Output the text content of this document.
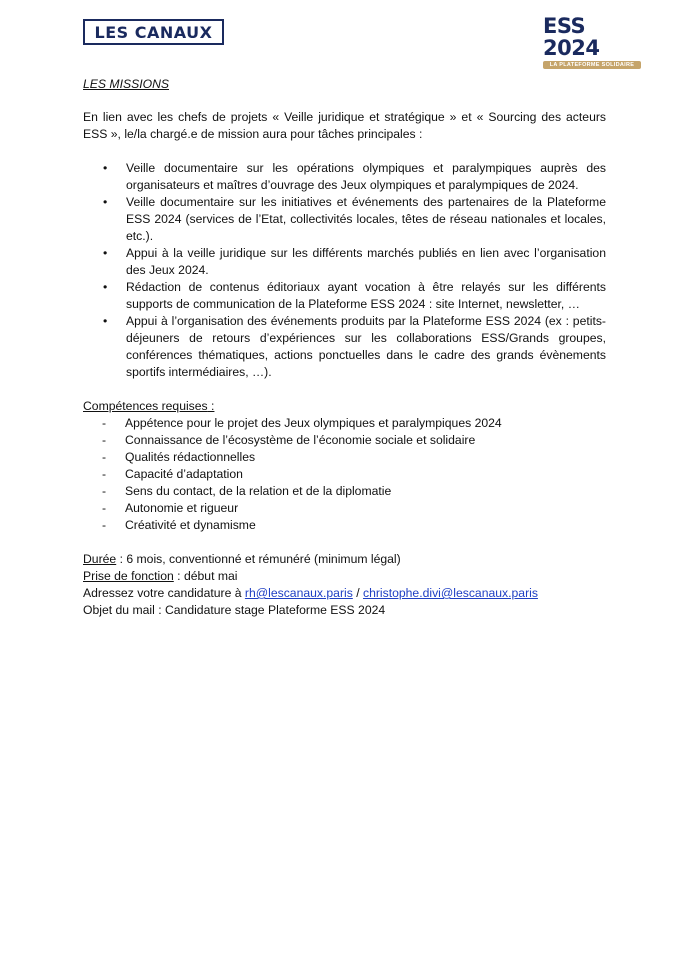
LES CANAUX	ESS 2024
LA PLATEFORME SOLIDAIRE

LES MISSIONS

En lien avec les chefs de projets « Veille juridique et stratégique » et « Sourcing des acteurs ESS », le/la chargé.e de mission aura pour tâches principales :

• Veille documentaire sur les opérations olympiques et paralympiques auprès des organisateurs et maîtres d’ouvrage des Jeux olympiques et paralympiques de 2024.
• Veille documentaire sur les initiatives et événements des partenaires de la Plateforme ESS 2024 (services de l’Etat, collectivités locales, têtes de réseau nationales et locales, etc.).
• Appui à la veille juridique sur les différents marchés publiés en lien avec l’organisation des Jeux 2024.
• Rédaction de contenus éditoriaux ayant vocation à être relayés sur les différents supports de communication de la Plateforme ESS 2024 : site Internet, newsletter, …
• Appui à l’organisation des événements produits par la Plateforme ESS 2024 (ex : petits-déjeuners de retours d’expériences sur les collaborations ESS/Grands groupes, conférences thématiques, actions ponctuelles dans le cadre des grands évènements sportifs intermédiaires, …).

Compétences requises :

- Appétence pour le projet des Jeux olympiques et paralympiques 2024
- Connaissance de l’écosystème de l’économie sociale et solidaire
- Qualités rédactionnelles
- Capacité d’adaptation
- Sens du contact, de la relation et de la diplomatie
- Autonomie et rigueur
- Créativité et dynamisme

Durée : 6 mois, conventionné et rémunéré (minimum légal)

Prise de fonction : début mai

Adressez votre candidature à rh@lescanaux.paris / christophe.divi@lescanaux.paris

Objet du mail : Candidature stage Plateforme ESS 2024
